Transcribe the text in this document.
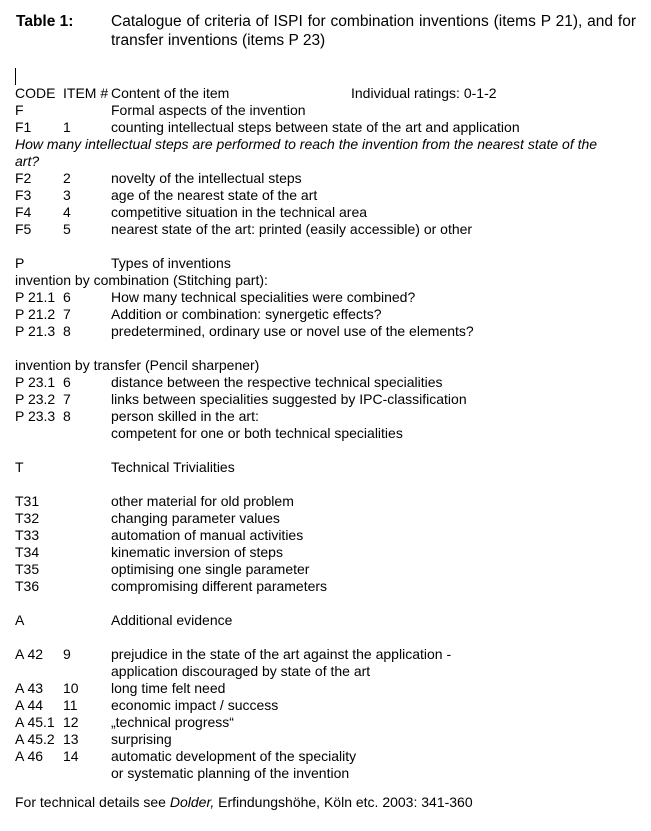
Table 1: Catalogue of criteria of ISPI for combination inventions (items P 21), and for transfer inventions (items P 23)
CODE ITEM # Content of the item	Individual ratings: 0-1-2
F	Formal aspects of the invention
F1 1	counting intellectual steps between state of the art and application
How many intellectual steps are performed to reach the invention from the nearest state of the art?
F2 2	novelty of the intellectual steps
F3 3	age of the nearest state of the art
F4 4	competitive situation in the technical area
F5 5	nearest state of the art: printed (easily accessible) or other
P	Types of inventions
invention by combination (Stitching part):
P 21.1 6	How many technical specialities were combined?
P 21.2 7	Addition or combination: synergetic effects?
P 21.3 8	predetermined, ordinary use or novel use of the elements?
invention by transfer (Pencil sharpener)
P 23.1 6	distance between the respective technical specialities
P 23.2 7	links between specialities suggested by IPC-classification
P 23.3 8	person skilled in the art:
competent for one or both technical specialities
T	Technical Trivialities
T31	other material for old problem
T32	changing parameter values
T33	automation of manual activities
T34	kinematic inversion of steps
T35	optimising one single parameter
T36	compromising different parameters
A	Additional evidence
A 42 9	prejudice in the state of the art against the application -
application discouraged by state of the art
A 43 10 long time felt need
A 44 11 economic impact / success
A 45.1 12 „technical progress“
A 45.2 13 surprising
A 46 14 automatic development of the speciality
or systematic planning of the invention
For technical details see Dolder, Erfindungshöhe, Köln etc. 2003: 341-360
